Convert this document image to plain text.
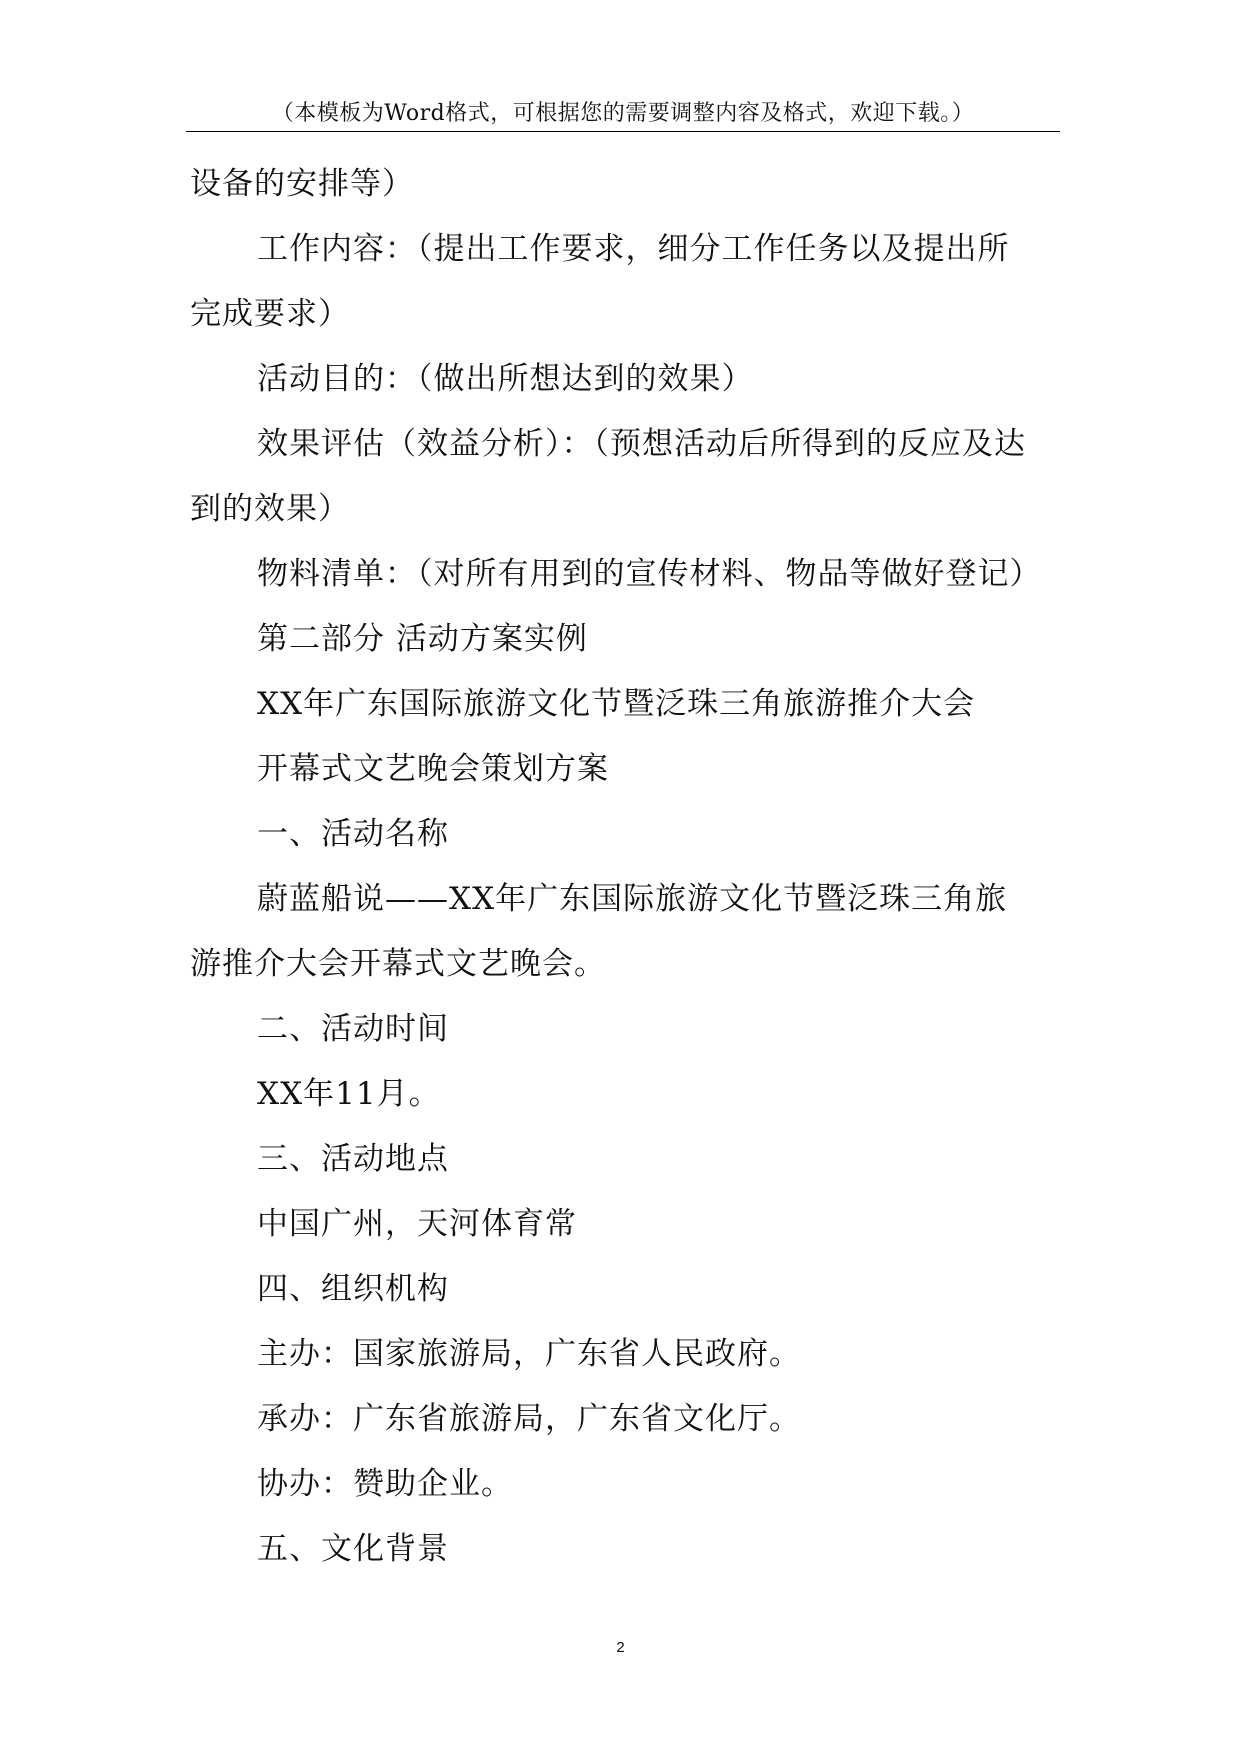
（本模板为Word格式，可根据您的需要调整内容及格式，欢迎下载。）
设备的安排等）
工作内容：（提出工作要求，细分工作任务以及提出所
完成要求）
活动目的：（做出所想达到的效果）
效果评估（效益分析）：（预想活动后所得到的反应及达
到的效果）
物料清单：（对所有用到的宣传材料、物品等做好登记）
第二部分 活动方案实例
XX年广东国际旅游文化节暨泛珠三角旅游推介大会
开幕式文艺晚会策划方案
一、活动名称
蔚蓝船说——XX年广东国际旅游文化节暨泛珠三角旅
游推介大会开幕式文艺晚会。
二、活动时间
XX年11月。
三、活动地点
中国广州，天河体育常
四、组织机构
主办：国家旅游局，广东省人民政府。
承办：广东省旅游局，广东省文化厅。
协办：赞助企业。
五、文化背景
2
